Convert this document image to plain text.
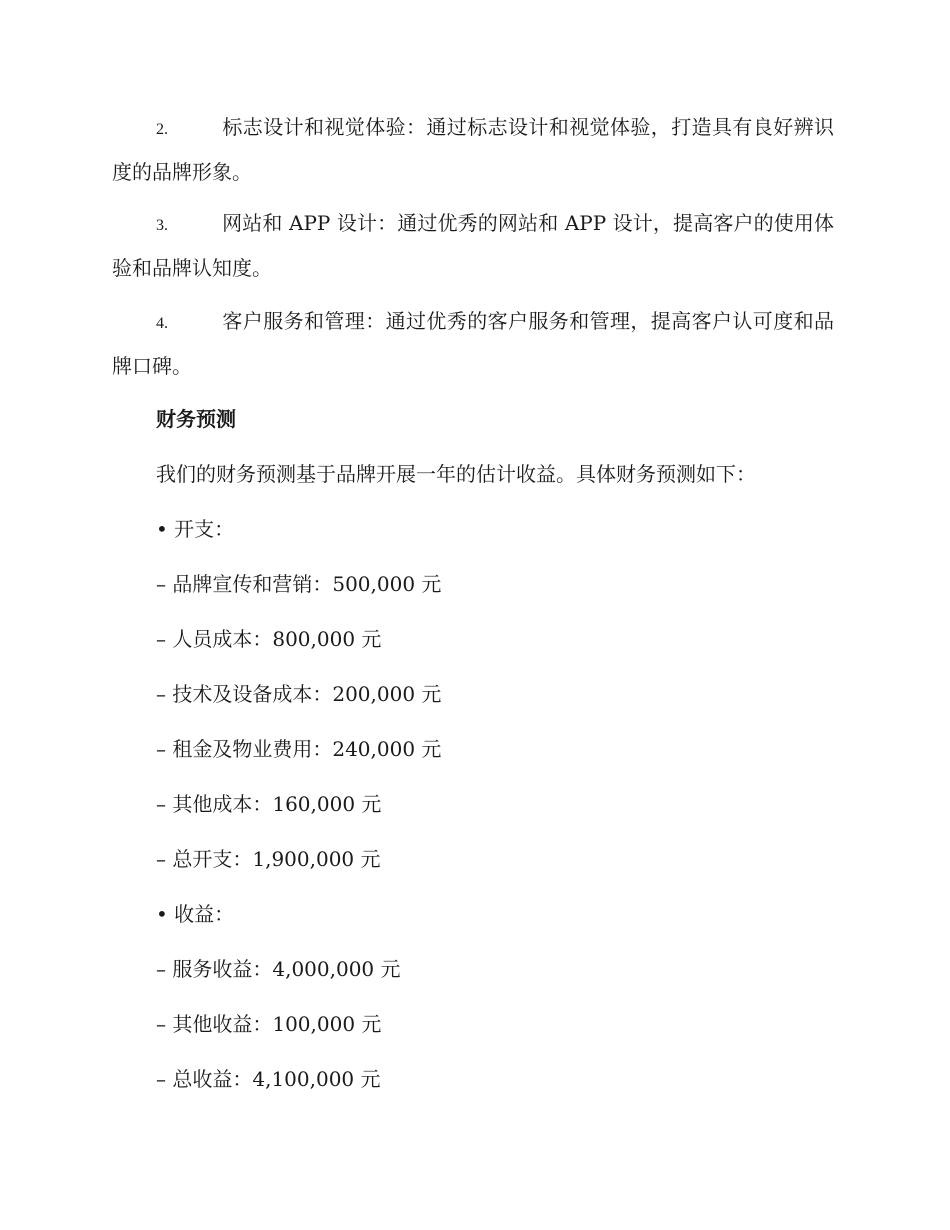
2.	标志设计和视觉体验：通过标志设计和视觉体验，打造具有良好辨识度的品牌形象。
3.	网站和 APP 设计：通过优秀的网站和 APP 设计，提高客户的使用体验和品牌认知度。
4.	客户服务和管理：通过优秀的客户服务和管理，提高客户认可度和品牌口碑。
财务预测
我们的财务预测基于品牌开展一年的估计收益。具体财务预测如下：
• 开支：
– 品牌宣传和营销：500,000 元
– 人员成本：800,000 元
– 技术及设备成本：200,000 元
– 租金及物业费用：240,000 元
– 其他成本：160,000 元
– 总开支：1,900,000 元
• 收益：
– 服务收益：4,000,000 元
– 其他收益：100,000 元
– 总收益：4,100,000 元
